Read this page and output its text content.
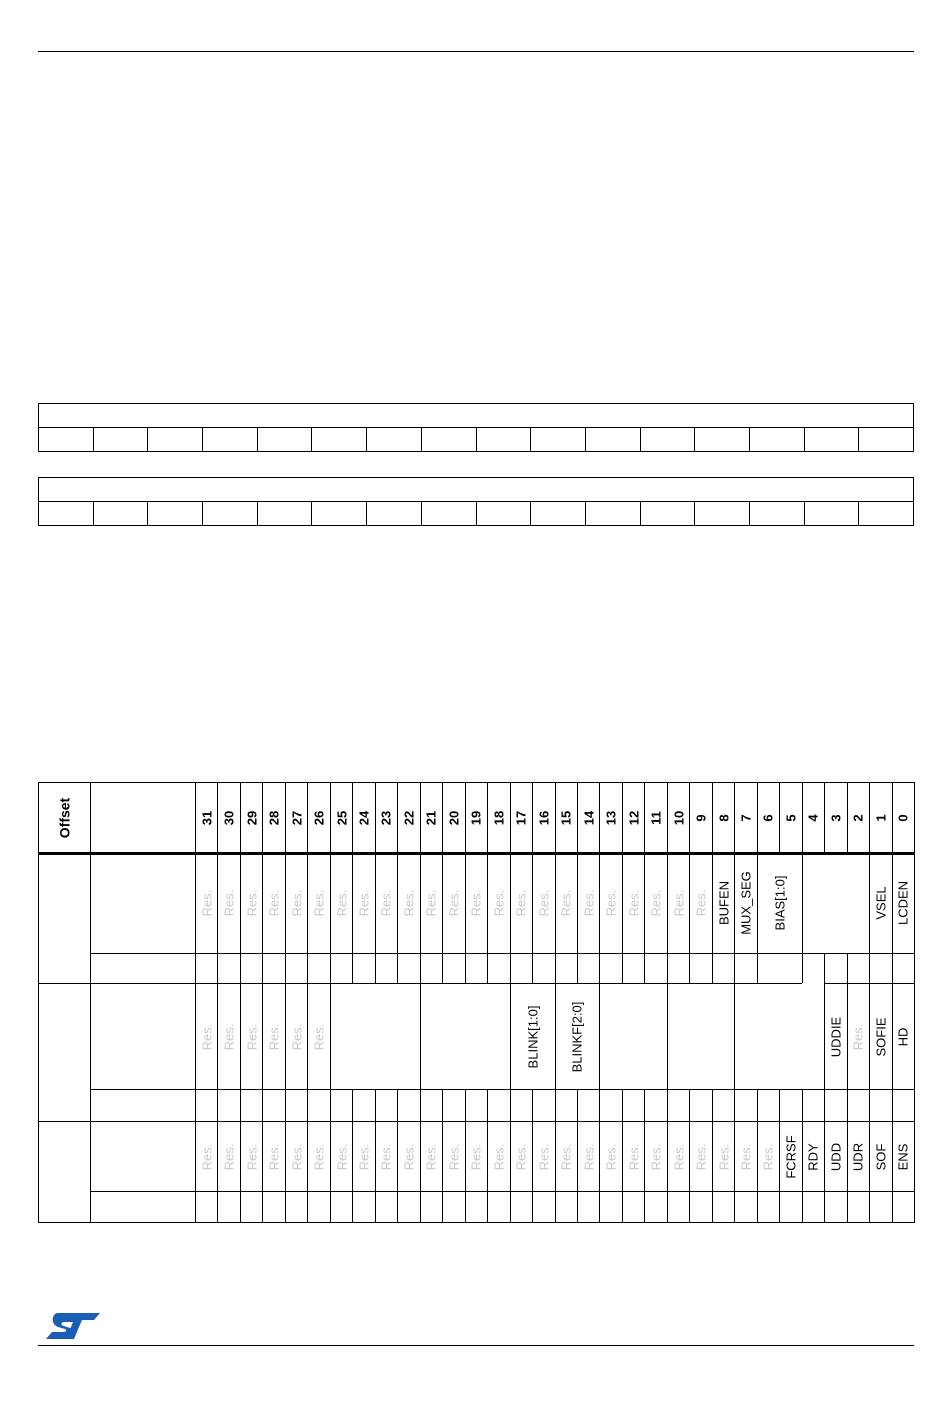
Offset	31 30 29 28 27 26 25 24 23 22 21 20 19 18 17 16 15 14 13 12 11 10 9 8 7 6 5 4 3 2 1 0
Res. Res. Res. Res. Res. Res. Res. Res. Res. Res. Res. Res. Res. Res. Res. Res. Res. Res. Res. Res. Res. Res. Res. BUFEN MUX_SEG BIAS[1:0]	VSEL LCDEN
Res. Res. Res. Res. Res. Res.	BLINK[1:0] BLINKF[2:0]	UDDIE Res. SOFIE HD
Res. Res. Res. Res. Res. Res. Res. Res. Res. Res. Res. Res. Res. Res. Res. Res. Res. Res. Res. Res. Res. Res. Res. Res. Res. Res. FCRSF RDY UDD UDR SOF ENS
